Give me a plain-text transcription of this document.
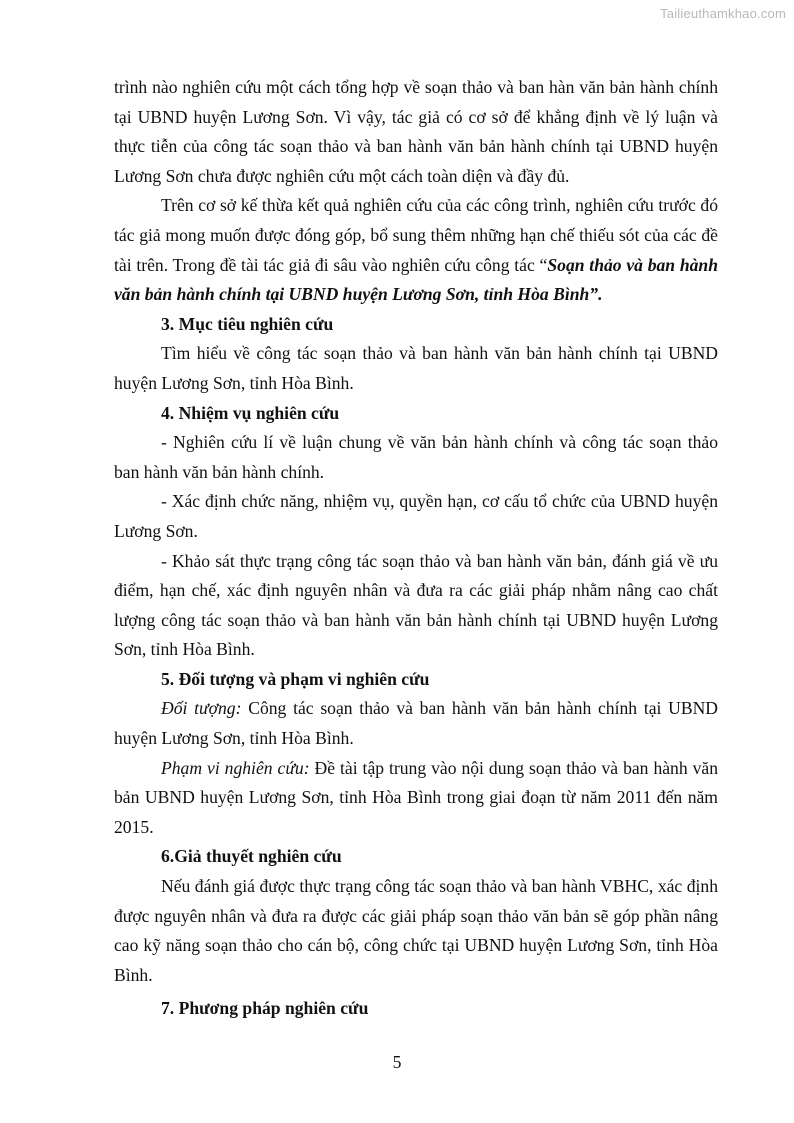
Tailieuthamkhao.com

trình nào nghiên cứu một cách tổng hợp về soạn thảo và ban hàn văn bản hành chính tại UBND huyện Lương Sơn. Vì vậy, tác giả có cơ sở để khẳng định về lý luận và thực tiễn của công tác soạn thảo và ban hành văn bản hành chính tại UBND huyện Lương Sơn chưa được nghiên cứu một cách toàn diện và đầy đủ.

Trên cơ sở kế thừa kết quả nghiên cứu của các công trình, nghiên cứu trước đó tác giả mong muốn được đóng góp, bổ sung thêm những hạn chế thiếu sót của các đề tài trên. Trong đề tài tác giả đi sâu vào nghiên cứu công tác “Soạn thảo và ban hành văn bản hành chính tại UBND huyện Lương Sơn, tỉnh Hòa Bình”.

3. Mục tiêu nghiên cứu

Tìm hiểu về công tác soạn thảo và ban hành văn bản hành chính tại UBND huyện Lương Sơn, tỉnh Hòa Bình.

4. Nhiệm vụ nghiên cứu

- Nghiên cứu lí về luận chung về văn bản hành chính và công tác soạn thảo ban hành văn bản hành chính.

- Xác định chức năng, nhiệm vụ, quyền hạn, cơ cấu tổ chức của UBND huyện Lương Sơn.

- Khảo sát thực trạng công tác soạn thảo và ban hành văn bản, đánh giá về ưu điểm, hạn chế, xác định nguyên nhân và đưa ra các giải pháp nhằm nâng cao chất lượng công tác soạn thảo và ban hành văn bản hành chính tại UBND huyện Lương Sơn, tỉnh Hòa Bình.

5. Đối tượng và phạm vi nghiên cứu

Đối tượng: Công tác soạn thảo và ban hành văn bản hành chính tại UBND huyện Lương Sơn, tỉnh Hòa Bình.

Phạm vi nghiên cứu: Đề tài tập trung vào nội dung soạn thảo và ban hành văn bản UBND huyện Lương Sơn, tỉnh Hòa Bình trong giai đoạn từ năm 2011 đến năm 2015.

6.Giả thuyết nghiên cứu

Nếu đánh giá được thực trạng công tác soạn thảo và ban hành VBHC, xác định được nguyên nhân và đưa ra được các giải pháp soạn thảo văn bản sẽ góp phần nâng cao kỹ năng soạn thảo cho cán bộ, công chức tại UBND huyện Lương Sơn, tỉnh Hòa Bình.

7. Phương pháp nghiên cứu

5
